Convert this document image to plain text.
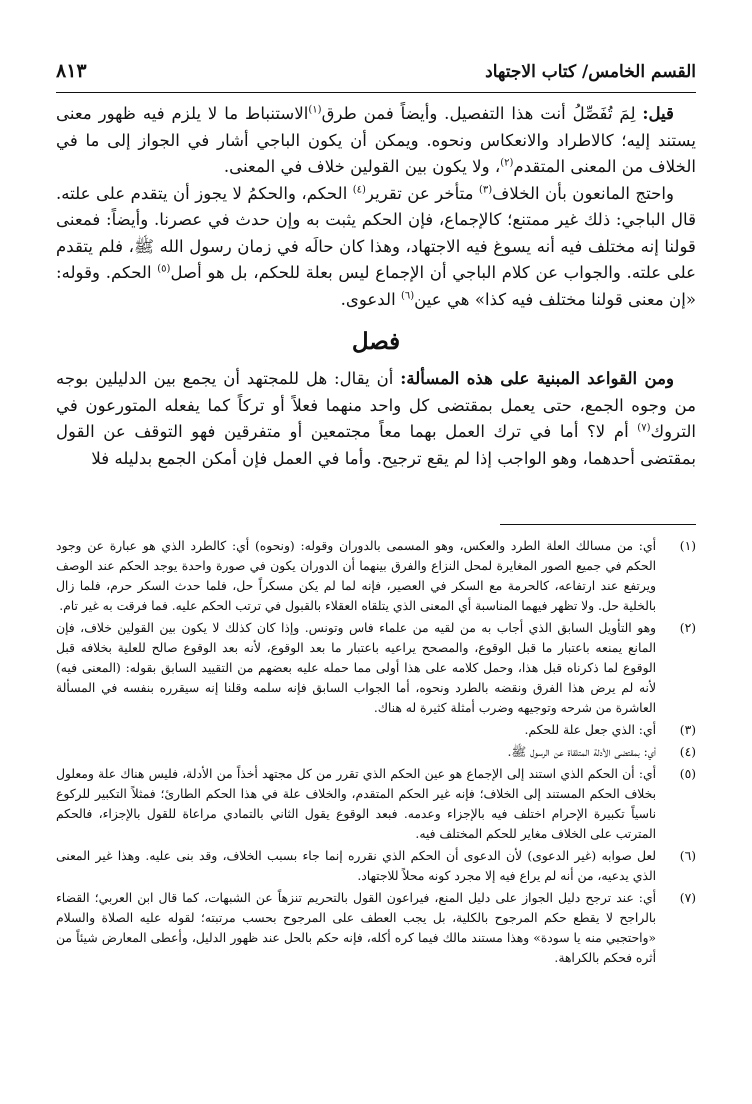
القسم الخامس/ كتاب الاجتهاد
٨١٣

قيل: لِمَ تُفَصِّلُ أنت هذا التفصيل. وأيضاً فمن طرق$^{(١)}$الاستنباط ما لا يلزم فيه ظهور معنى يستند إليه؛ كالاطراد والانعكاس ونحوه. ويمكن أن يكون الباجي أشار في الجواز إلى ما في الخلاف من المعنى المتقدم$^{(٢)}$، ولا يكون بين القولين خلاف في المعنى.

واحتج المانعون بأن الخلاف$^{(٣)}$ متأخر عن تقرير$^{(٤)}$ الحكم، والحكمُ لا يجوز أن يتقدم على علته. قال الباجي: ذلك غير ممتنع؛ كالإجماع، فإن الحكم يثبت به وإن حدث في عصرنا. وأيضاً: فمعنى قولنا إنه مختلف فيه أنه يسوغ فيه الاجتهاد، وهذا كان حالَه في زمان رسول الله ﷺ، فلم يتقدم على علته. والجواب عن كلام الباجي أن الإجماع ليس بعلة للحكم، بل هو أصل$^{(٥)}$ الحكم. وقوله: «إن معنى قولنا مختلف فيه كذا» هي عين$^{(٦)}$ الدعوى.

فصل

ومن القواعد المبنية على هذه المسألة: أن يقال: هل للمجتهد أن يجمع بين الدليلين بوجه من وجوه الجمع، حتى يعمل بمقتضى كل واحد منهما فعلاً أو تركاً كما يفعله المتورعون في التروك$^{(٧)}$ أم لا؟ أما في ترك العمل بهما معاً مجتمعين أو متفرقين فهو التوقف عن القول بمقتضى أحدهما، وهو الواجب إذا لم يقع ترجيح. وأما في العمل فإن أمكن الجمع بدليله فلا

(١)
أي: من مسالك العلة الطرد والعكس، وهو المسمى بالدوران وقوله: (ونحوه) أي: كالطرد الذي هو عبارة عن وجود الحكم في جميع الصور المغايرة لمحل النزاع والفرق بينهما أن الدوران يكون في صورة واحدة يوجد الحكم عند الوصف ويرتفع عند ارتفاعه، كالحرمة مع السكر في العصير، فإنه لما لم يكن مسكراً حل، فلما حدث السكر حرم، فلما زال بالخلية حل. ولا تظهر فيهما المناسبة أي المعنى الذي يتلقاه العقلاء بالقبول في ترتب الحكم عليه. فما فرقت به غير تام.
(٢)
وهو التأويل السابق الذي أجاب به من لقيه من علماء فاس وتونس. وإذا كان كذلك لا يكون بين القولين خلاف، فإن المانع يمنعه باعتبار ما قبل الوقوع، والمصحح يراعيه باعتبار ما بعد الوقوع، لأنه بعد الوقوع صالح للعلية بخلافه قبل الوقوع لما ذكرناه قبل هذا، وحمل كلامه على هذا أولى مما حمله عليه بعضهم من التقييد السابق بقوله: (المعنى فيه) لأنه لم يرض هذا الفرق ونقضه بالطرد ونحوه، أما الجواب السابق فإنه سلمه وقلنا إنه سيقرره بنفسه في المسألة العاشرة من شرحه وتوجيهه وضرب أمثلة كثيرة له هناك.
(٣)
أي: الذي جعل علة للحكم.
(٤)
أي: بمقتضى الأدلة المتلقاة عن الرسول ﷺ.
(٥)
أي: أن الحكم الذي استند إلى الإجماع هو عين الحكم الذي تقرر من كل مجتهد أخذاً من الأدلة، فليس هناك علة ومعلول بخلاف الحكم المستند إلى الخلاف؛ فإنه غير الحكم المتقدم، والخلاف علة في هذا الحكم الطارئ؛ فمثلاً التكبير للركوع ناسياً تكبيرة الإحرام اختلف فيه بالإجزاء وعدمه. فبعد الوقوع يقول الثاني بالتمادي مراعاة للقول بالإجزاء، فالحكم المترتب على الخلاف مغاير للحكم المختلف فيه.
(٦)
لعل صوابه (غير الدعوى) لأن الدعوى أن الحكم الذي نقرره إنما جاء بسبب الخلاف، وقد بنى عليه. وهذا غير المعنى الذي يدعيه، من أنه لم يراع فيه إلا مجرد كونه محلاً للاجتهاد.
(٧)
أي: عند ترجح دليل الجواز على دليل المنع، فيراعون القول بالتحريم تنزهاً عن الشبهات، كما قال ابن العربي؛ القضاء بالراجح لا يقطع حكم المرجوح بالكلية، بل يجب العطف على المرجوح بحسب مرتبته؛ لقوله عليه الصلاة والسلام «واحتجبي منه يا سودة» وهذا مستند مالك فيما كره أكله، فإنه حكم بالحل عند ظهور الدليل، وأعطى المعارض شيئاً من أثره فحكم بالكراهة.
